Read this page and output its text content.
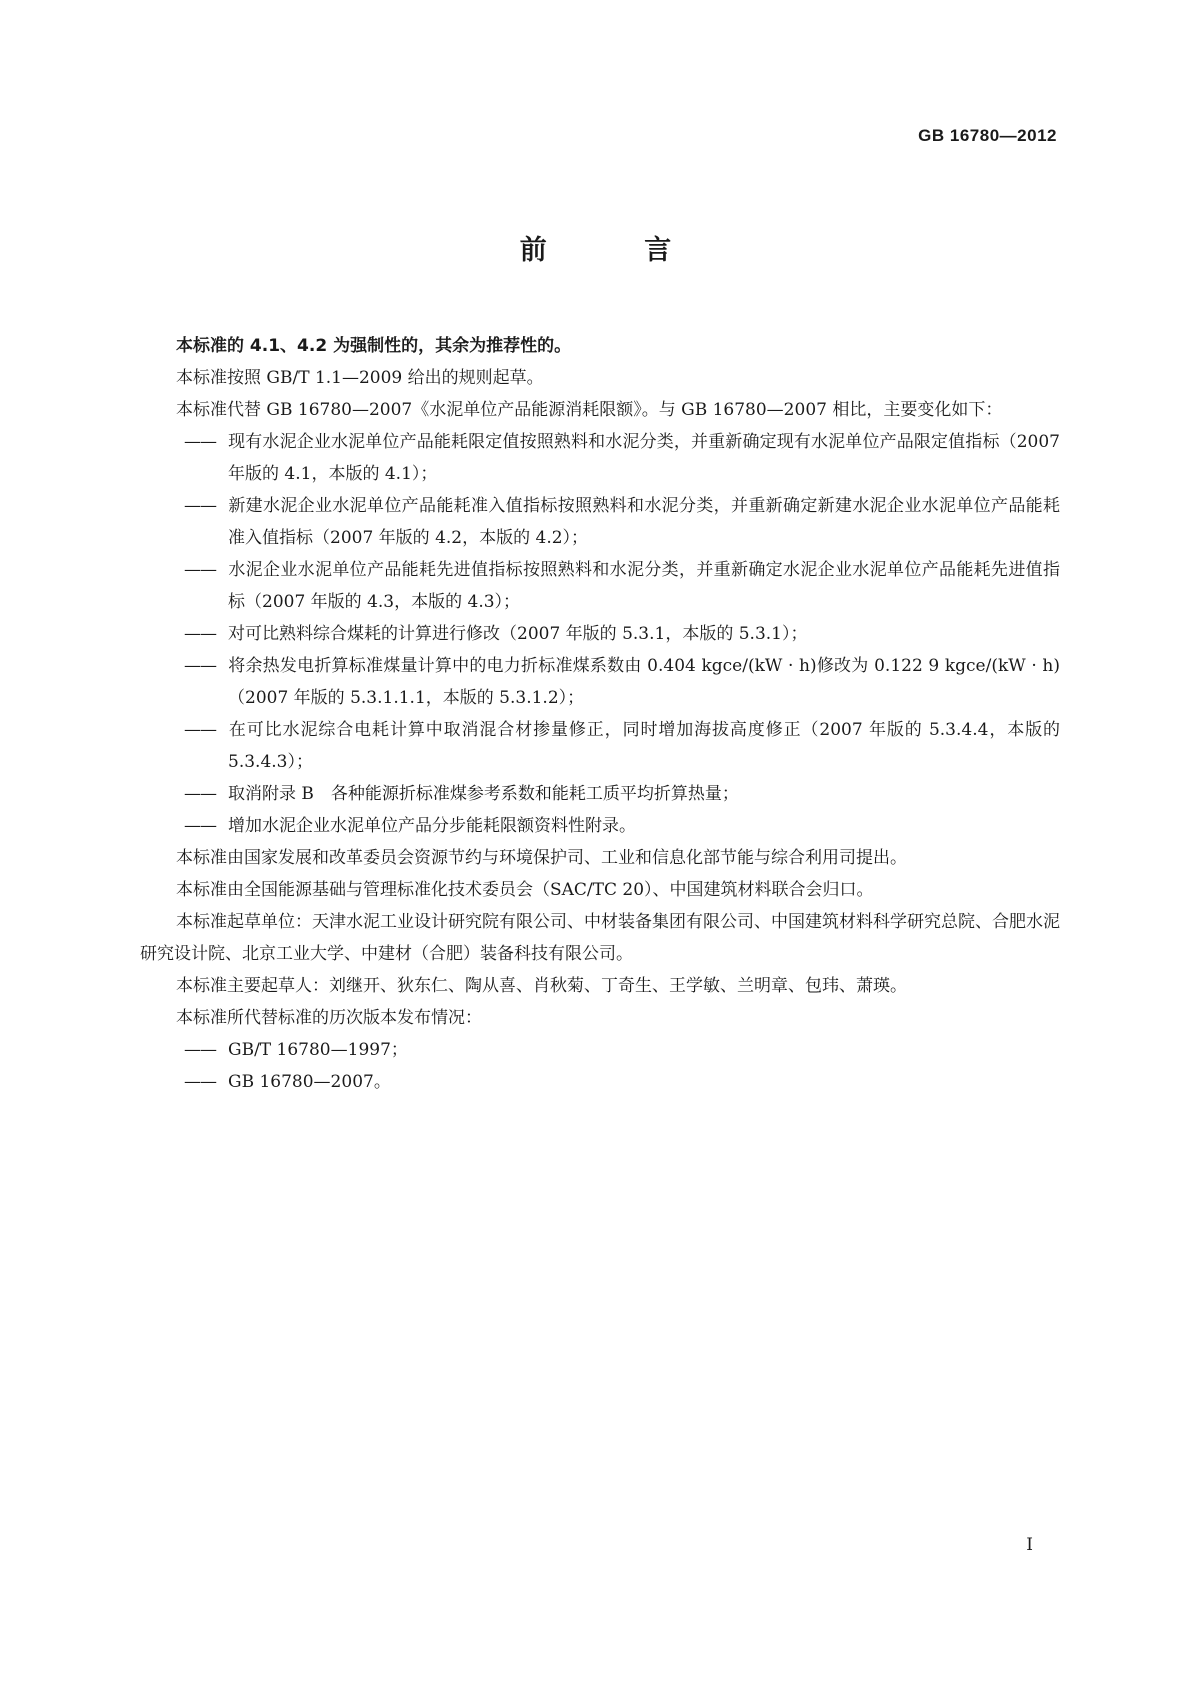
GB 16780—2012
前 言

本标准的 4.1、4.2 为强制性的，其余为推荐性的。

本标准按照 GB/T 1.1—2009 给出的规则起草。

本标准代替 GB 16780—2007《水泥单位产品能源消耗限额》。与 GB 16780—2007 相比，主要变化如下：

—— 现有水泥企业水泥单位产品能耗限定值按照熟料和水泥分类，并重新确定现有水泥单位产品限定值指标（2007 年版的 4.1，本版的 4.1）；

—— 新建水泥企业水泥单位产品能耗准入值指标按照熟料和水泥分类，并重新确定新建水泥企业水泥单位产品能耗准入值指标（2007 年版的 4.2，本版的 4.2）；

—— 水泥企业水泥单位产品能耗先进值指标按照熟料和水泥分类，并重新确定水泥企业水泥单位产品能耗先进值指标（2007 年版的 4.3，本版的 4.3）；

—— 对可比熟料综合煤耗的计算进行修改（2007 年版的 5.3.1，本版的 5.3.1）；

—— 将余热发电折算标准煤量计算中的电力折标准煤系数由 0.404 kgce/(kW · h)修改为 0.122 9 kgce/(kW · h)（2007 年版的 5.3.1.1.1，本版的 5.3.1.2）；

—— 在可比水泥综合电耗计算中取消混合材掺量修正，同时增加海拔高度修正（2007 年版的 5.3.4.4，本版的 5.3.4.3）；

—— 取消附录 B　各种能源折标准煤参考系数和能耗工质平均折算热量；

—— 增加水泥企业水泥单位产品分步能耗限额资料性附录。

本标准由国家发展和改革委员会资源节约与环境保护司、工业和信息化部节能与综合利用司提出。

本标准由全国能源基础与管理标准化技术委员会（SAC/TC 20）、中国建筑材料联合会归口。

本标准起草单位：天津水泥工业设计研究院有限公司、中材装备集团有限公司、中国建筑材料科学研究总院、合肥水泥研究设计院、北京工业大学、中建材（合肥）装备科技有限公司。

本标准主要起草人：刘继开、狄东仁、陶从喜、肖秋菊、丁奇生、王学敏、兰明章、包玮、萧瑛。

本标准所代替标准的历次版本发布情况：

—— GB/T 16780—1997；

—— GB 16780—2007。

I
